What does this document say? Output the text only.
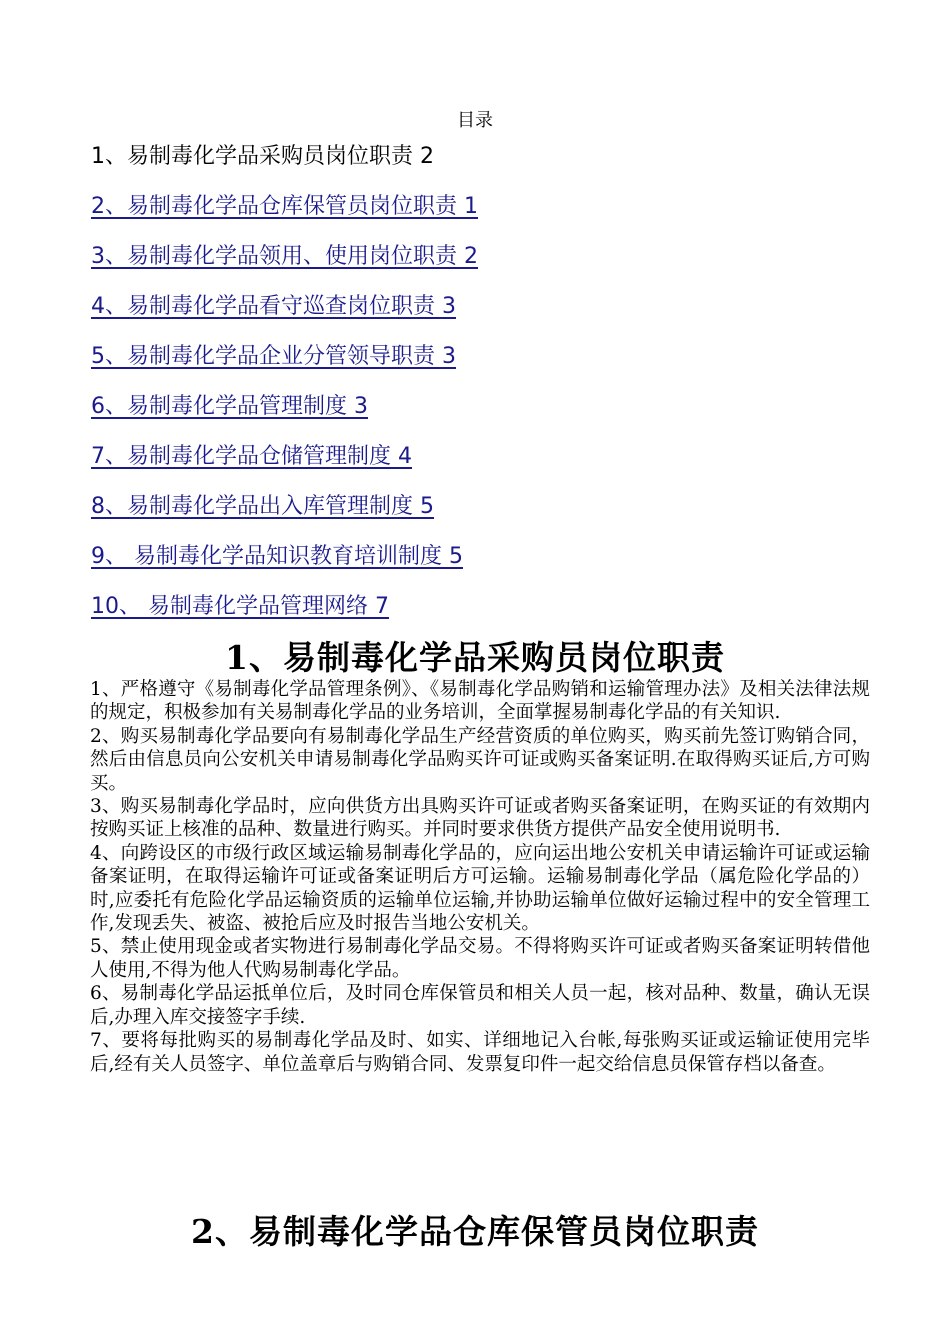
目录
1、易制毒化学品采购员岗位职责 2
2、易制毒化学品仓库保管员岗位职责 1
3、易制毒化学品领用、使用岗位职责 2
4、易制毒化学品看守巡查岗位职责 3
5、易制毒化学品企业分管领导职责 3
6、易制毒化学品管理制度 3
7、易制毒化学品仓储管理制度 4
8、易制毒化学品出入库管理制度 5
9、 易制毒化学品知识教育培训制度 5
10、 易制毒化学品管理网络 7
1、易制毒化学品采购员岗位职责

1、严格遵守《易制毒化学品管理条例》、《易制毒化学品购销和运输管理办法》及相关法律法规的规定，积极参加有关易制毒化学品的业务培训，全面掌握易制毒化学品的有关知识.

2、购买易制毒化学品要向有易制毒化学品生产经营资质的单位购买，购买前先签订购销合同，然后由信息员向公安机关申请易制毒化学品购买许可证或购买备案证明.在取得购买证后,方可购买。

3、购买易制毒化学品时，应向供货方出具购买许可证或者购买备案证明，在购买证的有效期内按购买证上核准的品种、数量进行购买。并同时要求供货方提供产品安全使用说明书.

4、向跨设区的市级行政区域运输易制毒化学品的，应向运出地公安机关申请运输许可证或运输备案证明，在取得运输许可证或备案证明后方可运输。运输易制毒化学品（属危险化学品的）时,应委托有危险化学品运输资质的运输单位运输,并协助运输单位做好运输过程中的安全管理工作,发现丢失、被盗、被抢后应及时报告当地公安机关。

5、禁止使用现金或者实物进行易制毒化学品交易。不得将购买许可证或者购买备案证明转借他人使用,不得为他人代购易制毒化学品。

6、易制毒化学品运抵单位后，及时同仓库保管员和相关人员一起，核对品种、数量，确认无误后,办理入库交接签字手续.

7、要将每批购买的易制毒化学品及时、如实、详细地记入台帐,每张购买证或运输证使用完毕后,经有关人员签字、单位盖章后与购销合同、发票复印件一起交给信息员保管存档以备查。

2、易制毒化学品仓库保管员岗位职责
